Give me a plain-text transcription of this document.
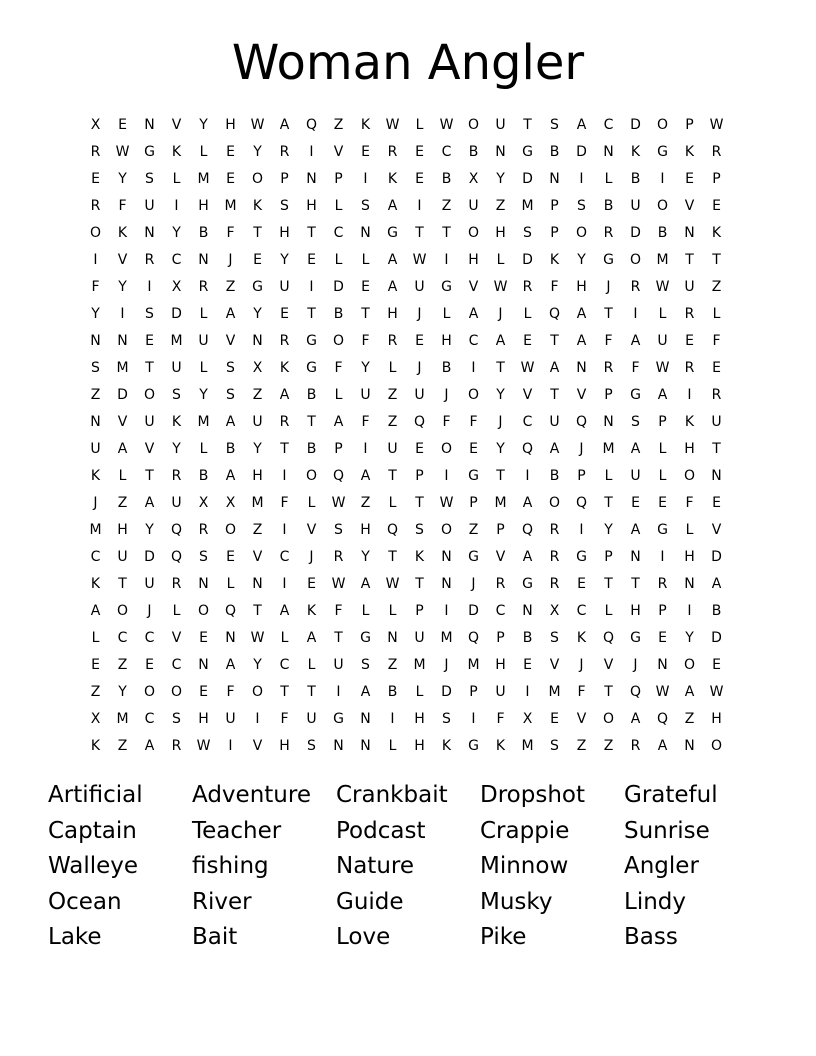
Woman Angler
X	E	N	V	Y	H	W	A	Q	Z	K	W	L	W	O	U	T	S	A	C	D	O	P	W
R	W	G	K	L	E	Y	R	I	V	E	R	E	C	B	N	G	B	D	N	K	G	K	R
E	Y	S	L	M	E	O	P	N	P	I	K	E	B	X	Y	D	N	I	L	B	I	E	P
R	F	U	I	H	M	K	S	H	L	S	A	I	Z	U	Z	M	P	S	B	U	O	V	E
O	K	N	Y	B	F	T	H	T	C	N	G	T	T	O	H	S	P	O	R	D	B	N	K
I	V	R	C	N	J	E	Y	E	L	L	A	W	I	H	L	D	K	Y	G	O	M	T	T
F	Y	I	X	R	Z	G	U	I	D	E	A	U	G	V	W	R	F	H	J	R	W	U	Z
Y	I	S	D	L	A	Y	E	T	B	T	H	J	L	A	J	L	Q	A	T	I	L	R	L
N	N	E	M	U	V	N	R	G	O	F	R	E	H	C	A	E	T	A	F	A	U	E	F
S	M	T	U	L	S	X	K	G	F	Y	L	J	B	I	T	W	A	N	R	F	W	R	E
Z	D	O	S	Y	S	Z	A	B	L	U	Z	U	J	O	Y	V	T	V	P	G	A	I	R
N	V	U	K	M	A	U	R	T	A	F	Z	Q	F	F	J	C	U	Q	N	S	P	K	U
U	A	V	Y	L	B	Y	T	B	P	I	U	E	O	E	Y	Q	A	J	M	A	L	H	T
K	L	T	R	B	A	H	I	O	Q	A	T	P	I	G	T	I	B	P	L	U	L	O	N
J	Z	A	U	X	X	M	F	L	W	Z	L	T	W	P	M	A	O	Q	T	E	E	F	E
M	H	Y	Q	R	O	Z	I	V	S	H	Q	S	O	Z	P	Q	R	I	Y	A	G	L	V
C	U	D	Q	S	E	V	C	J	R	Y	T	K	N	G	V	A	R	G	P	N	I	H	D
K	T	U	R	N	L	N	I	E	W	A	W	T	N	J	R	G	R	E	T	T	R	N	A
A	O	J	L	O	Q	T	A	K	F	L	L	P	I	D	C	N	X	C	L	H	P	I	B
L	C	C	V	E	N	W	L	A	T	G	N	U	M	Q	P	B	S	K	Q	G	E	Y	D
E	Z	E	C	N	A	Y	C	L	U	S	Z	M	J	M	H	E	V	J	V	J	N	O	E
Z	Y	O	O	E	F	O	T	T	I	A	B	L	D	P	U	I	M	F	T	Q	W	A	W
X	M	C	S	H	U	I	F	U	G	N	I	H	S	I	F	X	E	V	O	A	Q	Z	H
K	Z	A	R	W	I	V	H	S	N	N	L	H	K	G	K	M	S	Z	Z	R	A	N	O
Artificial
Captain
Walleye
Ocean
Lake
Adventure
Teacher
fishing
River
Bait
Crankbait
Podcast
Nature
Guide
Love
Dropshot
Crappie
Minnow
Musky
Pike
Grateful
Sunrise
Angler
Lindy
Bass
